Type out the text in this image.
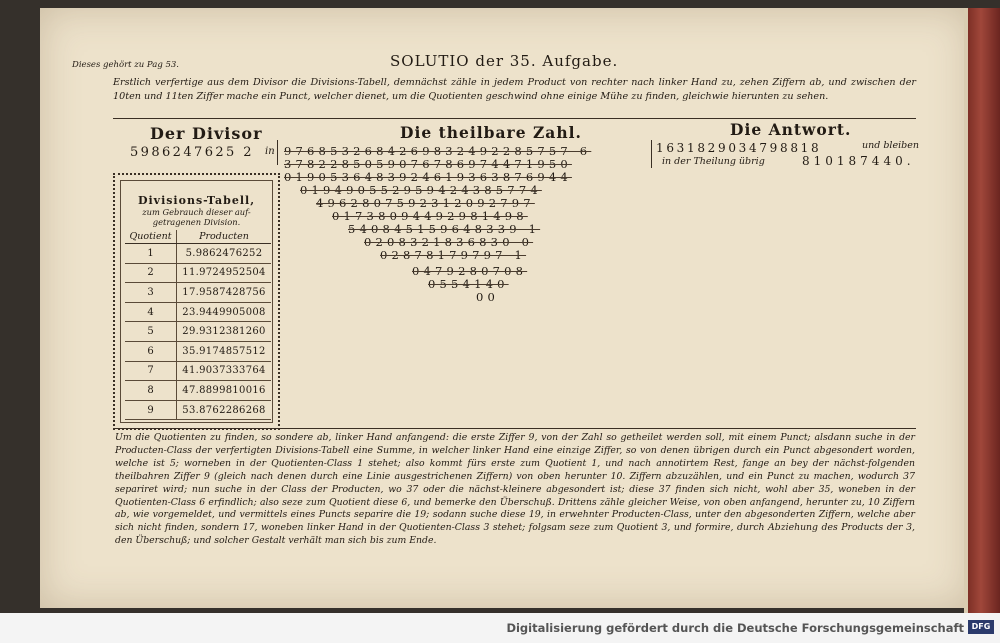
Dieses gehört zu Pag 53.	SOLUTIO der 35. Aufgabe.
Erstlich verfertige aus dem Divisor die Divisions-Tabell, demnächst zähle in jedem Product von rechter nach linker Hand zu, zehen Ziffern ab, und zwischen der 10ten und 11ten Ziffer mache ein Punct, welcher dienet, um die Quotienten geschwind ohne einige Mühe zu finden, gleichwie hierunten zu sehen.
Der Divisor
5986247625 2 in
Divisions-Tabell,
zum Gebrauch dieser auf-getragenen Division.
Quotient	Producten
1	5.9862476252
2	11.9724952504
3	17.9587428756
4	23.9449905008
5	29.9312381260
6	35.9174857512
7	41.9037333764
8	47.8899810016
9	53.8762286268
Die theilbare Zahl.
9768532684269832492285757 6
3782285059076786974471950
0190536483924619363876944
019490552959424385774
4962807592312092797
01738094492981498
540845159648339 1
0208321836830 0
02878179797 1
0479280708
0554140
00
Die Antwort.
1631829034798818	und bleiben
in der Theilung übrig	810187440.
Um die Quotienten zu finden, so sondere ab, linker Hand anfangend: die erste Ziffer 9, von der Zahl so getheilet werden soll, mit einem Punct; alsdann suche in der Producten-Class der verfertigten Divisions-Tabell eine Summe, in welcher linker Hand eine einzige Ziffer, so von denen übrigen durch ein Punct abgesondert worden, welche ist 5; worneben in der Quotienten-Class 1 stehet; also kommt fürs erste zum Quotient 1, und nach annotirtem Rest, fange an bey der nächst-folgenden theilbahren Ziffer 9 (gleich nach denen durch eine Linie ausgestrichenen Ziffern) von oben herunter 10. Ziffern abzuzählen, und ein Punct zu machen, wodurch 37 separiret wird; nun suche in der Class der Producten, wo 37 oder die nächst-kleinere abgesondert ist; diese 37 finden sich nicht, wohl aber 35, woneben in der Quotienten-Class 6 erfindlich; also seze zum Quotient diese 6, und bemerke den Überschuß. Drittens zähle gleicher Weise, von oben anfangend, herunter zu, 10 Ziffern ab, wie vorgemeldet, und vermittels eines Puncts separire die 19; sodann suche diese 19, in erwehnter Producten-Class, unter den abgesonderten Ziffern, welche aber sich nicht finden, sondern 17, woneben linker Hand in der Quotienten-Class 3 stehet; folgsam seze zum Quotient 3, und formire, durch Abziehung des Products der 3, den Überschuß; und solcher Gestalt verhält man sich bis zum Ende.
Digitalisierung gefördert durch die Deutsche Forschungsgemeinschaft DFG
